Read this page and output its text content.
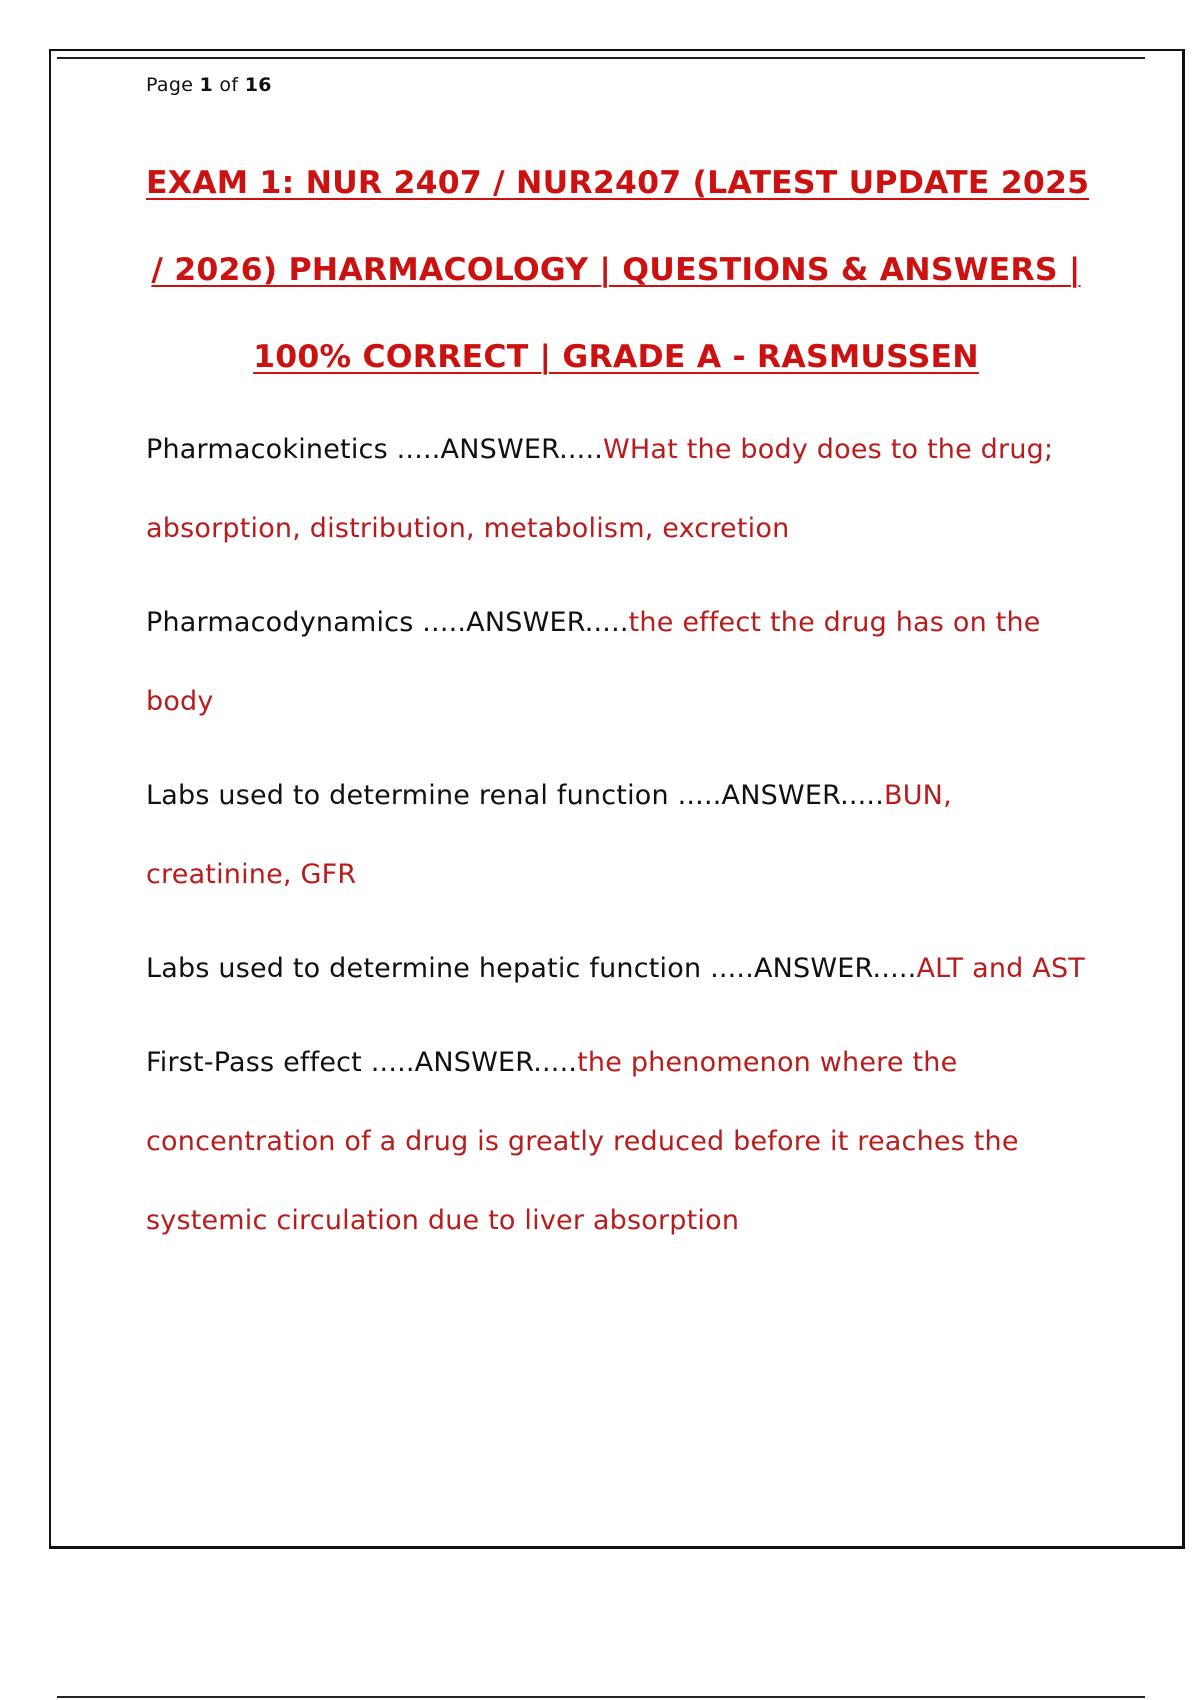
Page 1 of 16
EXAM 1: NUR 2407 / NUR2407 (LATEST UPDATE 2025
/ 2026) PHARMACOLOGY | QUESTIONS & ANSWERS |
100% CORRECT | GRADE A - RASMUSSEN

Pharmacokinetics .....ANSWER.....WHat the body does to the drug; absorption, distribution, metabolism, excretion

Pharmacodynamics .....ANSWER.....the effect the drug has on the body

Labs used to determine renal function .....ANSWER.....BUN, creatinine, GFR

Labs used to determine hepatic function .....ANSWER.....ALT and AST

First-Pass effect .....ANSWER.....the phenomenon where the concentration of a drug is greatly reduced before it reaches the systemic circulation due to liver absorption
